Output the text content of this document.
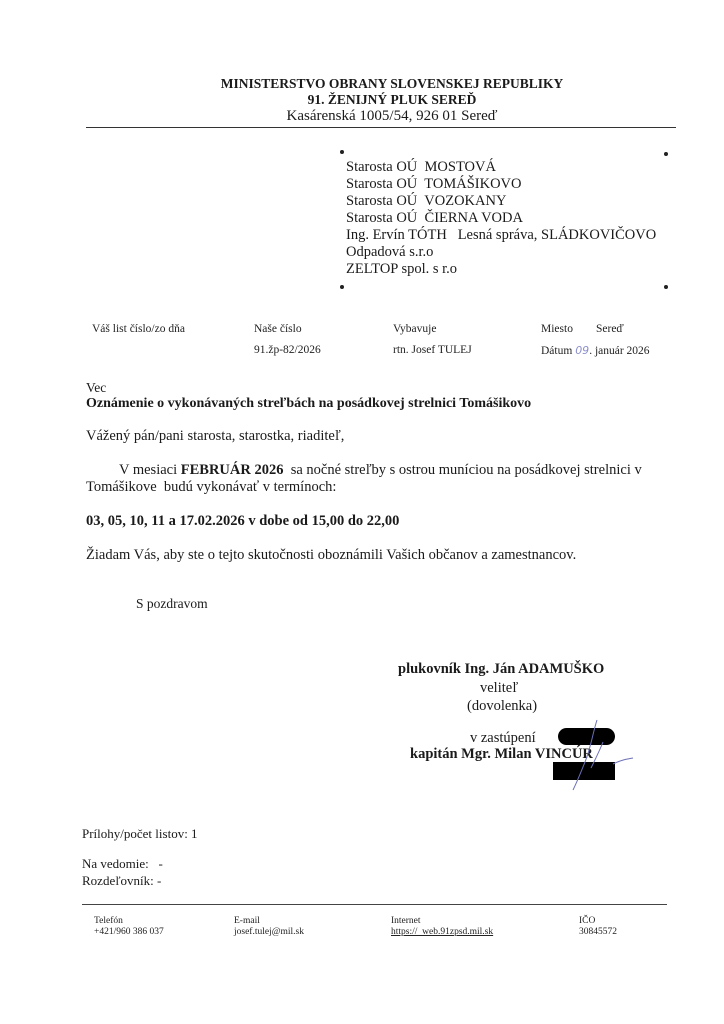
MINISTERSTVO OBRANY SLOVENSKEJ REPUBLIKY
91. ŽENIJNÝ PLUK SEREĎ
Kasárenská 1005/54, 926 01 Sereď
Starosta OÚ  MOSTOVÁ
Starosta OÚ  TOMÁŠIKOVO
Starosta OÚ  VOZOKANY
Starosta OÚ  ČIERNA VODA
Ing. Ervín TÓTH   Lesná správa, SLÁDKOVIČOVO
Odpadová s.r.o
ZELTOP spol. s r.o
Váš list číslo/zo dňa	Naše číslo
91.žp-82/2026
Vybavuje
rtn. Josef TULEJ
Miesto Sereď
Dátum 09. január 2026
Vec
Oznámenie o vykonávaných streľbách na posádkovej strelnici Tomášikovo
Vážený pán/pani starosta, starostka, riaditeľ,
V mesiaci FEBRUÁR 2026  sa nočné streľby s ostrou muníciou na posádkovej strelnici v
Tomášikove  budú vykonávať v termínoch:
03, 05, 10, 11 a 17.02.2026 v dobe od 15,00 do 22,00
Žiadam Vás, aby ste o tejto skutočnosti oboznámili Vašich občanov a zamestnancov.
S pozdravom
plukovník Ing. Ján ADAMUŠKO
veliteľ
(dovolenka)
v zastúpení
kapitán Mgr. Milan VINCÚR
Prílohy/počet listov: 1
Na vedomie:   -
Rozdeľovník: -
Telefón
+421/960 386 037
E-mail
josef.tulej@mil.sk
Internet
https://  web.91zpsd.mil.sk
IČO
30845572
